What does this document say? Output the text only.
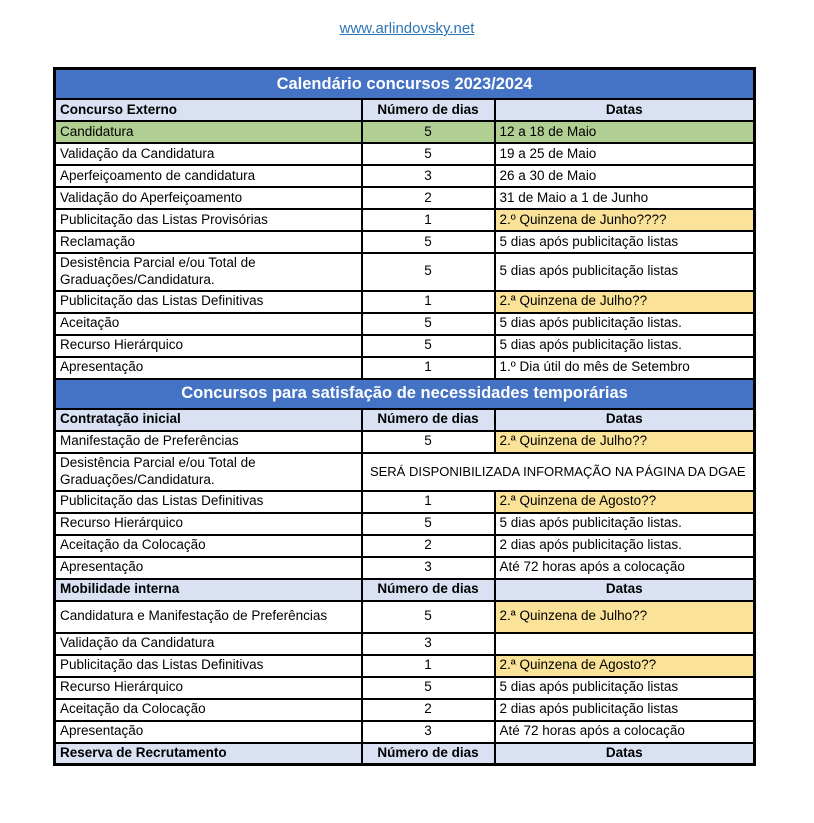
www.arlindovsky.net
Calendário concursos 2023/2024		
Concurso Externo	Número de dias	Datas
Candidatura	5	12 a 18 de Maio
Validação da Candidatura	5	19 a 25 de Maio
Aperfeiçoamento de candidatura	3	26 a 30 de Maio
Validação do Aperfeiçoamento	2	31 de Maio a 1 de Junho
Publicitação das Listas Provisórias	1	2.º Quinzena de Junho????
Reclamação	5	5 dias após publicitação listas
Desistência Parcial e/ou Total de Graduações/Candidatura.	5	5 dias após publicitação listas
Publicitação das Listas Definitivas	1	2.ª Quinzena de Julho??
Aceitação	5	5 dias após publicitação listas.
Recurso Hierárquico	5	5 dias após publicitação listas.
Apresentação	1	1.º Dia útil do mês de Setembro
Concursos para satisfação de necessidades temporárias		
Contratação inicial	Número de dias	Datas
Manifestação de Preferências	5	2.ª Quinzena de Julho??
Desistência Parcial e/ou Total de Graduações/Candidatura.	SERÁ DISPONIBILIZADA INFORMAÇÃO NA PÁGINA DA DGAE	
Publicitação das Listas Definitivas	1	2.ª Quinzena de Agosto??
Recurso Hierárquico	5	5 dias após publicitação listas.
Aceitação da Colocação	2	2 dias após publicitação listas.
Apresentação	3	Até 72 horas após a colocação
Mobilidade interna	Número de dias	Datas
Candidatura e Manifestação de Preferências	5	2.ª Quinzena de Julho??
Validação da Candidatura	3	
Publicitação das Listas Definitivas	1	2.ª Quinzena de Agosto??
Recurso Hierárquico	5	5 dias após publicitação listas
Aceitação da Colocação	2	2 dias após publicitação listas
Apresentação	3	Até 72 horas após a colocação
Reserva de Recrutamento	Número de dias	Datas
